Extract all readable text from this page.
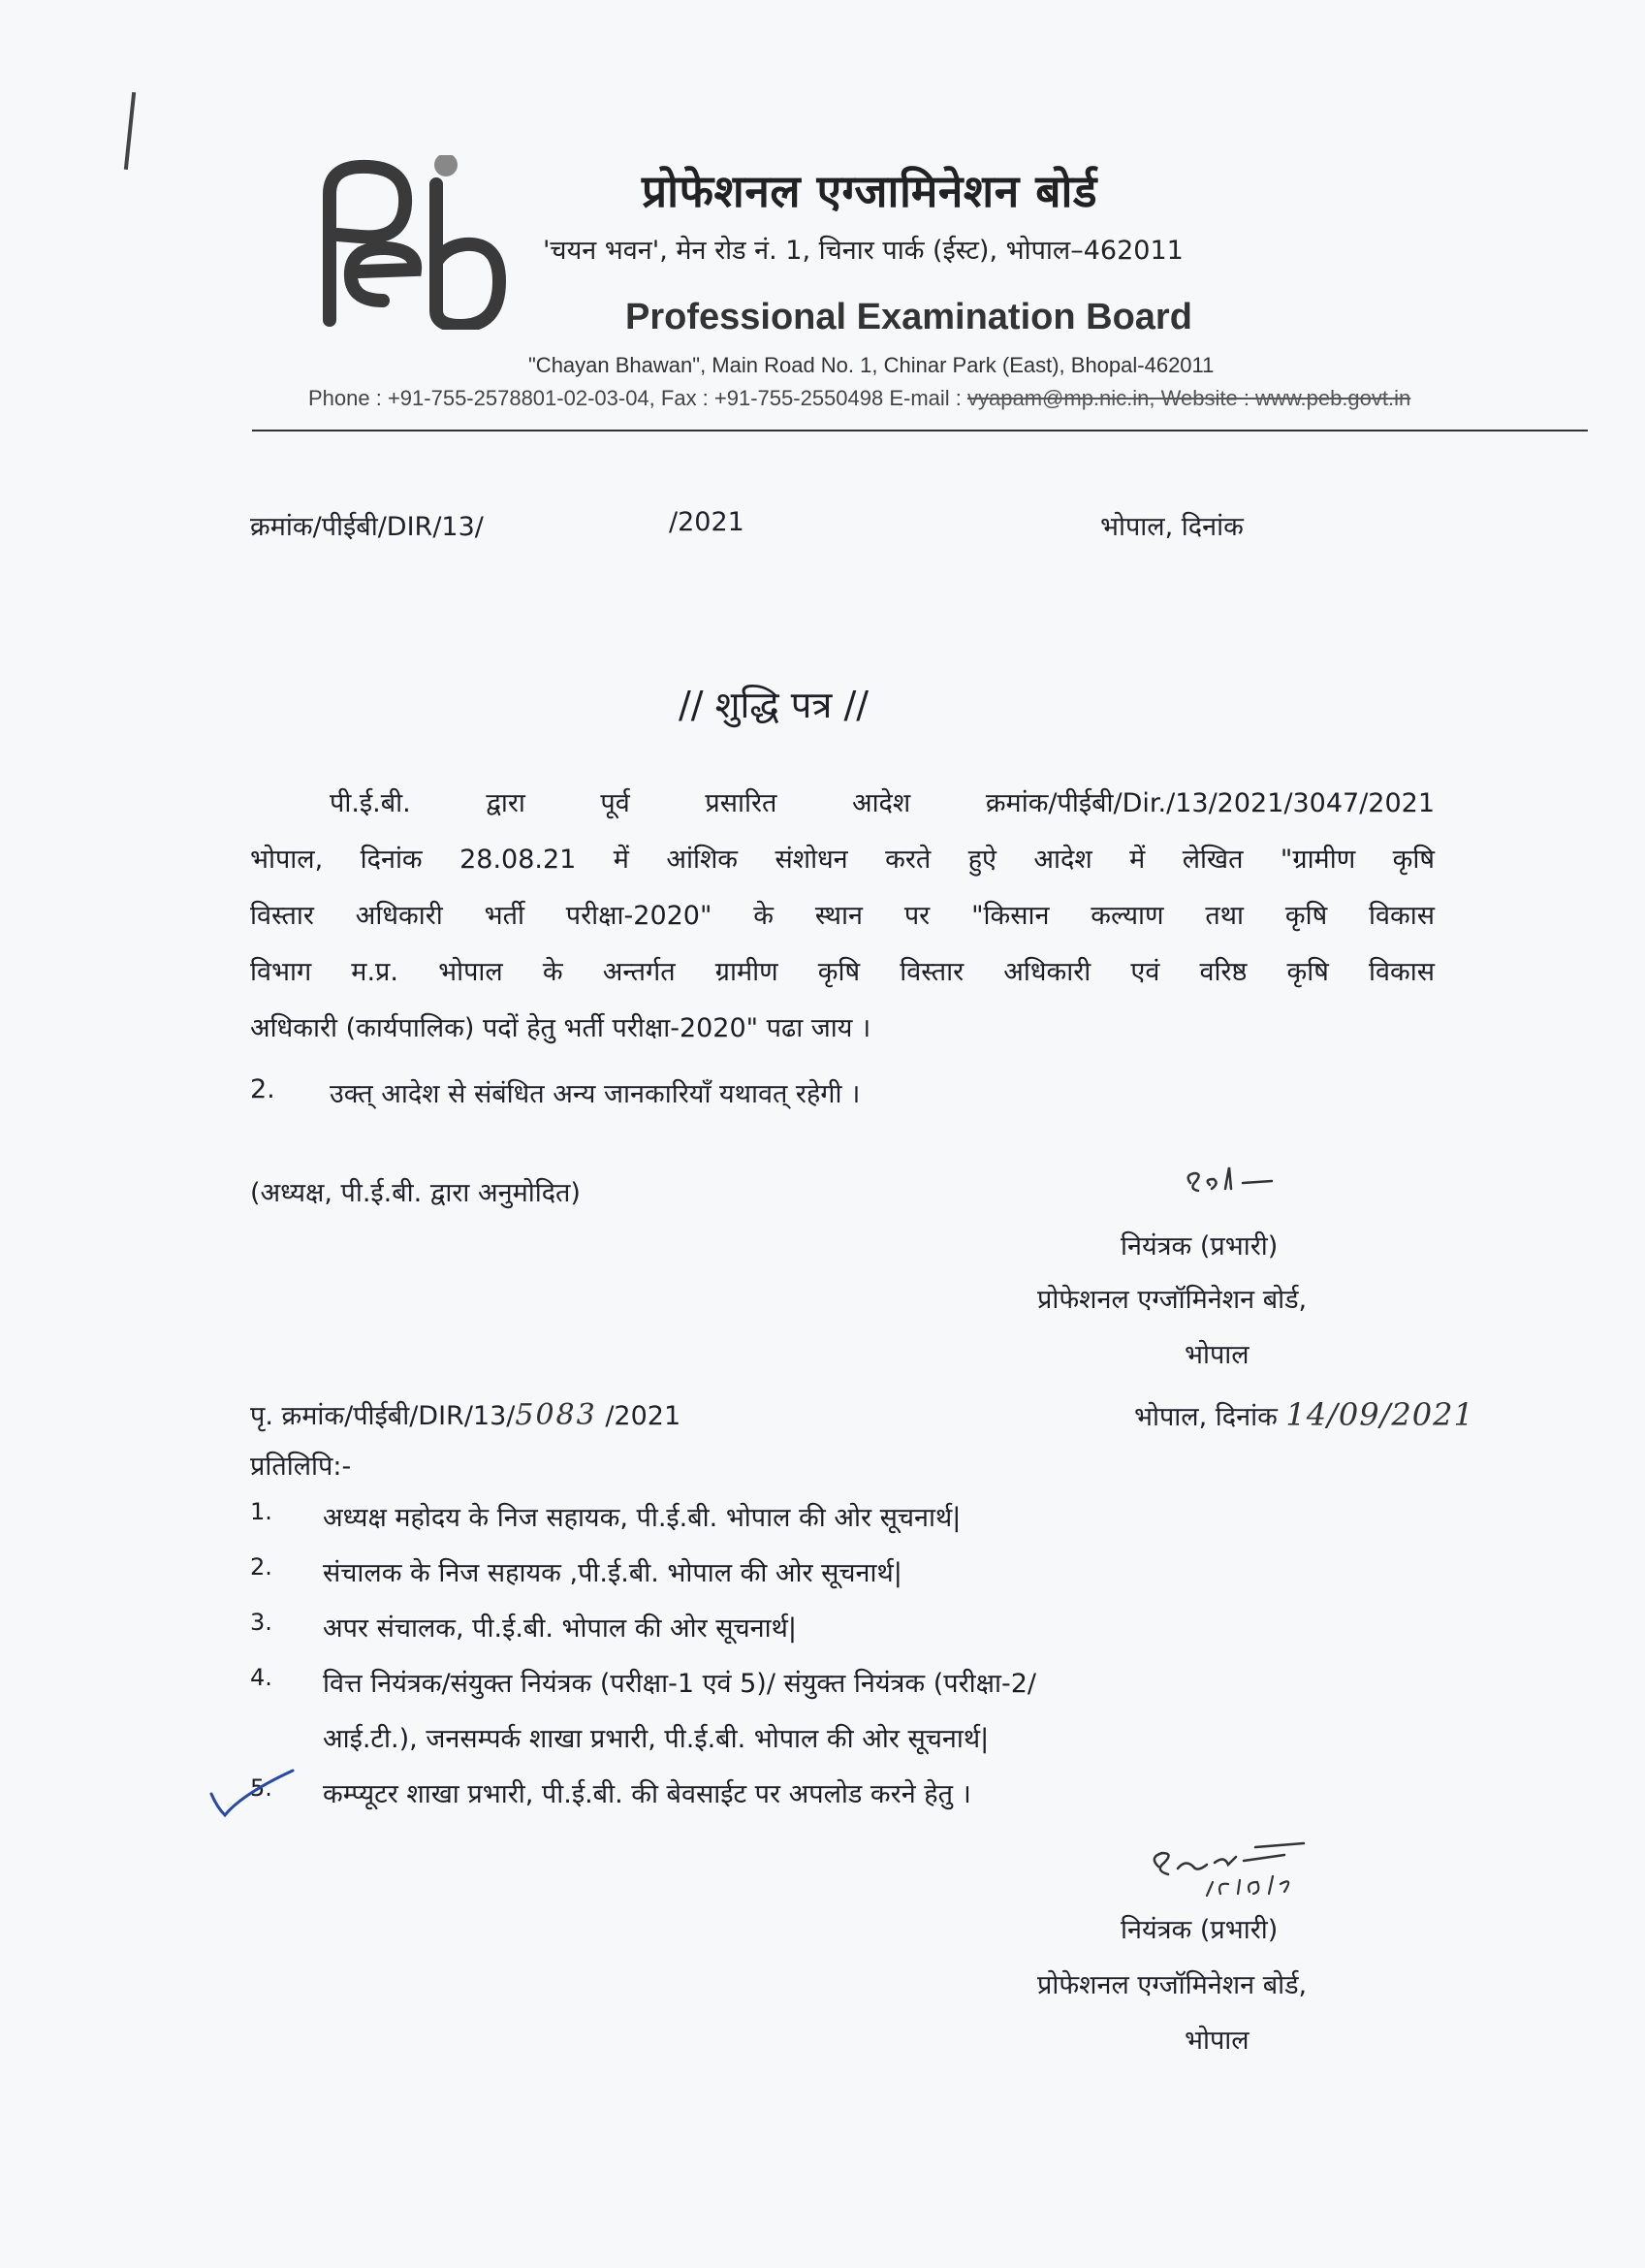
प्रोफेशनल एग्जामिनेशन बोर्ड
'चयन भवन', मेन रोड नं. 1, चिनार पार्क (ईस्ट), भोपाल–462011
Professional Examination Board
"Chayan Bhawan", Main Road No. 1, Chinar Park (East), Bhopal-462011
Phone : +91-755-2578801-02-03-04, Fax : +91-755-2550498 E-mail : vyapam@mp.nic.in, Website : www.peb.govt.in
क्रमांक/पीईबी/DIR/13/	/2021	भोपाल, दिनांक
// शुद्धि पत्र //
पी.ई.बी. द्वारा पूर्व प्रसारित आदेश क्रमांक/पीईबी/Dir./13/2021/3047/2021
भोपाल, दिनांक 28.08.21 में आंशिक संशोधन करते हुऐ आदेश में लेखित "ग्रामीण कृषि
विस्तार अधिकारी भर्ती परीक्षा-2020" के स्थान पर "किसान कल्याण तथा कृषि विकास
विभाग म.प्र. भोपाल के अन्तर्गत ग्रामीण कृषि विस्तार अधिकारी एवं वरिष्ठ कृषि विकास
अधिकारी (कार्यपालिक) पदों हेतु भर्ती परीक्षा-2020" पढा जाय ।
2. उक्त् आदेश से संबंधित अन्य जानकारियॉं यथावत् रहेगी ।
(अध्यक्ष, पी.ई.बी. द्वारा अनुमोदित)
नियंत्रक (प्रभारी)
प्रोफेशनल एग्जॉमिनेशन बोर्ड,
भोपाल
पृ. क्रमांक/पीईबी/DIR/13/5083 /2021	भोपाल, दिनांक 14/09/2021
प्रतिलिपि:-
1. अध्यक्ष महोदय के निज सहायक, पी.ई.बी. भोपाल की ओर सूचनार्थ|
2. संचालक के निज सहायक ,पी.ई.बी. भोपाल की ओर सूचनार्थ|
3. अपर संचालक, पी.ई.बी. भोपाल की ओर सूचनार्थ|
4. वित्त नियंत्रक/संयुक्त नियंत्रक (परीक्षा-1 एवं 5)/ संयुक्त नियंत्रक (परीक्षा-2/
आई.टी.), जनसम्पर्क शाखा प्रभारी, पी.ई.बी. भोपाल की ओर सूचनार्थ|
5. कम्प्यूटर शाखा प्रभारी, पी.ई.बी. की बेवसाईट पर अपलोड करने हेतु ।
नियंत्रक (प्रभारी)
प्रोफेशनल एग्जॉमिनेशन बोर्ड,
भोपाल
